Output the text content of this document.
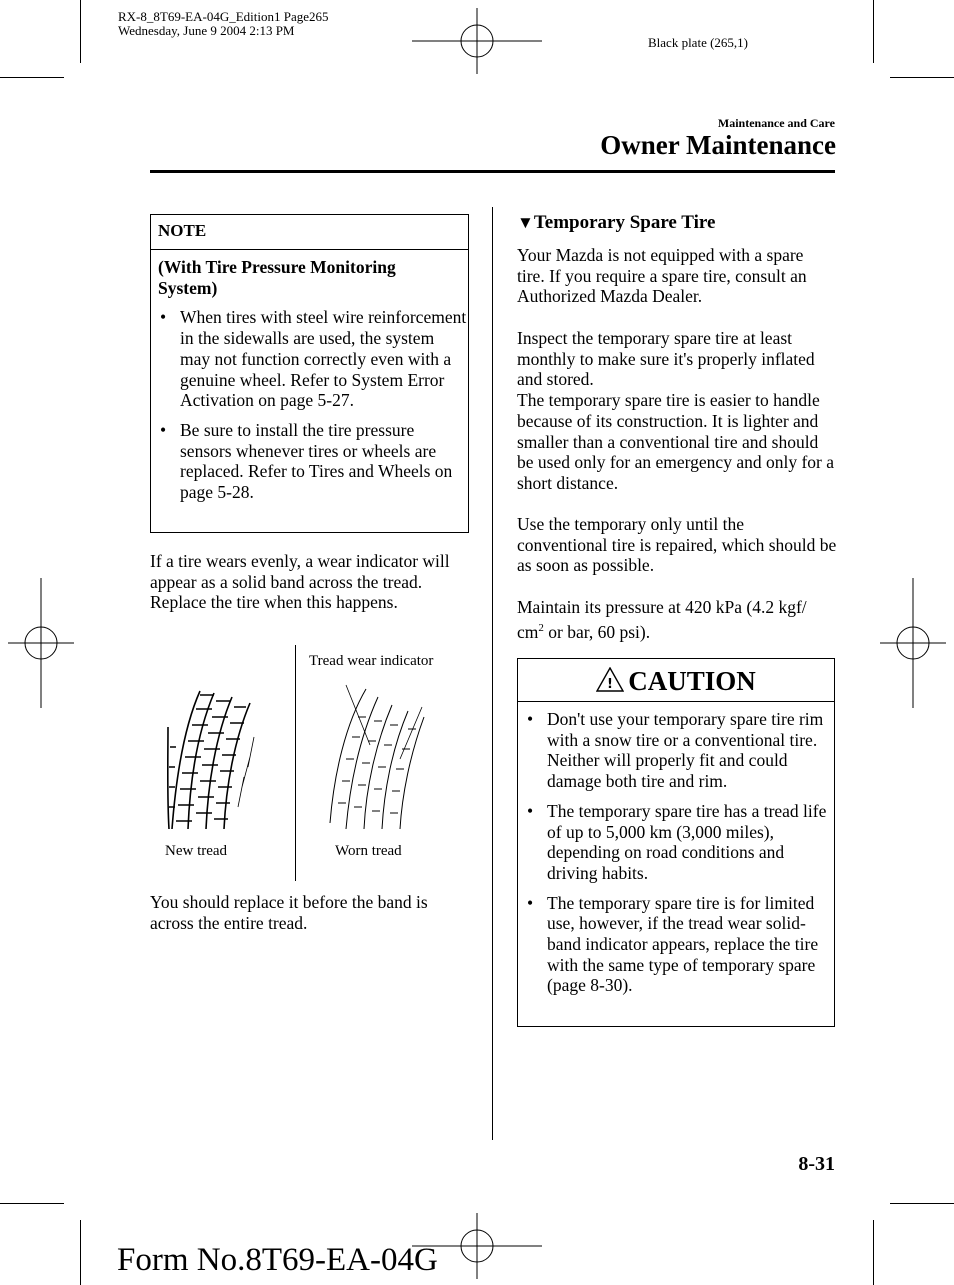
RX-8_8T69-EA-04G_Edition1 Page265
Wednesday, June 9 2004 2:13 PM
Black plate (265,1)
Maintenance and Care
Owner Maintenance
NOTE
(With Tire Pressure Monitoring System)
• When tires with steel wire reinforcement in the sidewalls are used, the system may not function correctly even with a genuine wheel. Refer to System Error Activation on page 5-27.
• Be sure to install the tire pressure sensors whenever tires or wheels are replaced. Refer to Tires and Wheels on page 5-28.
If a tire wears evenly, a wear indicator will appear as a solid band across the tread.
Replace the tire when this happens.
Tread wear indicator
New tread	Worn tread
You should replace it before the band is across the entire tread.
▼Temporary Spare Tire
Your Mazda is not equipped with a spare tire. If you require a spare tire, consult an Authorized Mazda Dealer.
Inspect the temporary spare tire at least monthly to make sure it's properly inflated and stored.
The temporary spare tire is easier to handle because of its construction. It is lighter and smaller than a conventional tire and should be used only for an emergency and only for a short distance.
Use the temporary only until the conventional tire is repaired, which should be as soon as possible.
Maintain its pressure at 420 kPa (4.2 kgf/ $cm^2$ or bar, 60 psi).
! CAUTION
• Don't use your temporary spare tire rim with a snow tire or a conventional tire. Neither will properly fit and could damage both tire and rim.
• The temporary spare tire has a tread life of up to 5,000 km (3,000 miles), depending on road conditions and driving habits.
• The temporary spare tire is for limited use, however, if the tread wear solid-band indicator appears, replace the tire with the same type of temporary spare (page 8-30).
8-31
Form No.8T69-EA-04G
